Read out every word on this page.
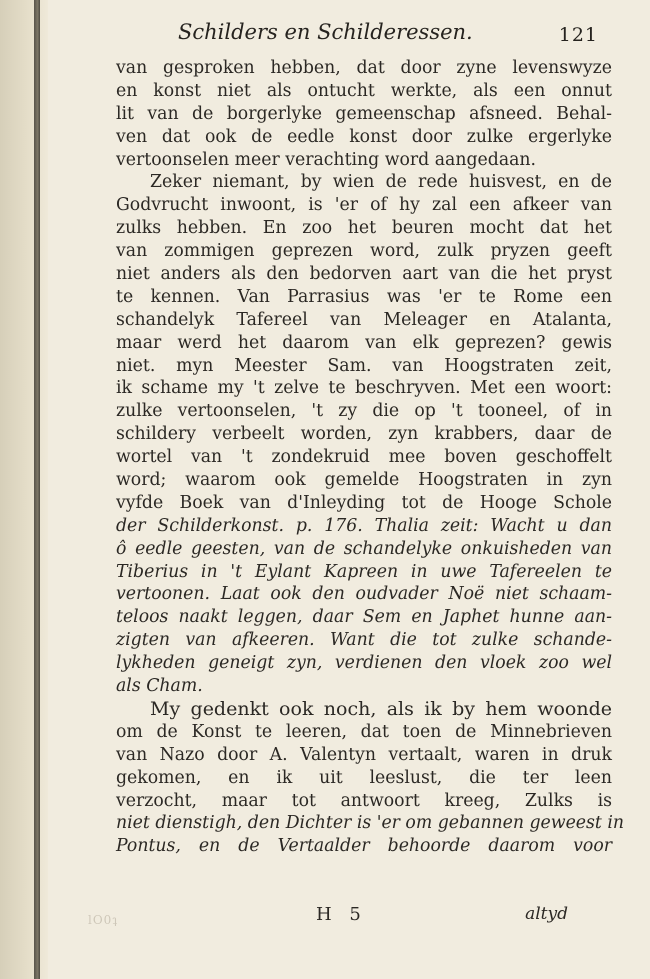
lO0ʇ
Schilders en Schilderessen.	121
van gesproken hebben, dat door zyne levenswyze
en konst niet als ontucht werkte, als een onnut
lit van de borgerlyke gemeenschap afsneed. Behal-
ven dat ook de eedle konst door zulke ergerlyke
vertoonselen meer verachting word aangedaan.
Zeker niemant, by wien de rede huisvest, en de
Godvrucht inwoont, is 'er of hy zal een afkeer van
zulks hebben. En zoo het beuren mocht dat het
van zommigen geprezen word, zulk pryzen geeft
niet anders als den bedorven aart van die het pryst
te kennen. Van Parrasius was 'er te Rome een
schandelyk Tafereel van Meleager en Atalanta,
maar werd het daarom van elk geprezen? gewis
niet. myn Meester Sam. van Hoogstraten zeit,
ik schame my 't zelve te beschryven. Met een woort:
zulke vertoonselen, 't zy die op 't tooneel, of in
schildery verbeelt worden, zyn krabbers, daar de
wortel van 't zondekruid mee boven geschoffelt
word; waarom ook gemelde Hoogstraten in zyn
vyfde Boek van d'Inleyding tot de Hooge Schole
der Schilderkonst. p. 176. Thalia zeit: Wacht u dan
ô eedle geesten, van de schandelyke onkuisheden van
Tiberius in 't Eylant Kapreen in uwe Tafereelen te
vertoonen. Laat ook den oudvader Noë niet schaam-
teloos naakt leggen, daar Sem en Japhet hunne aan-
zigten van afkeeren. Want die tot zulke schande-
lykheden geneigt zyn, verdienen den vloek zoo wel
als Cham.
My gedenkt ook noch, als ik by hem woonde
om de Konst te leeren, dat toen de Minnebrieven
van Nazo door A. Valentyn vertaalt, waren in druk
gekomen, en ik uit leeslust, die ter leen
verzocht, maar tot antwoort kreeg, Zulks is
niet dienstigh, den Dichter is 'er om gebannen geweest in
Pontus, en de Vertaalder behoorde daarom voor
H 5	altyd
